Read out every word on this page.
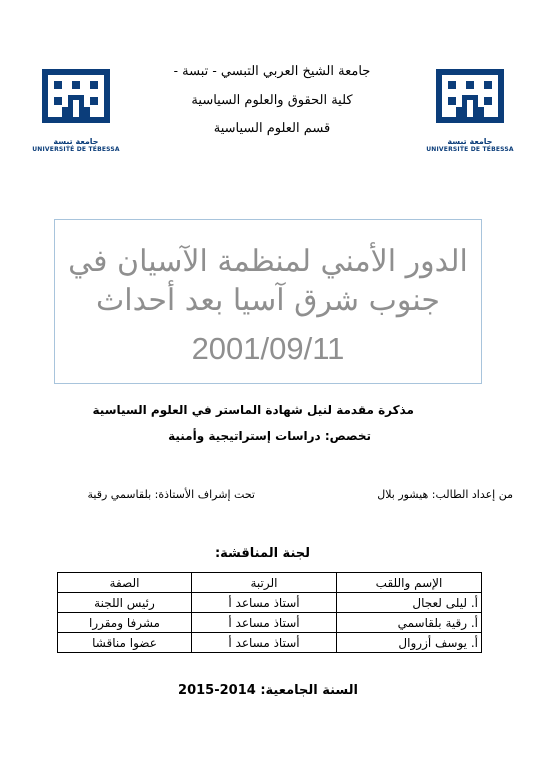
جامعة تبسة
UNIVERSITE DE TEBESSA
جامعة تبسة
UNIVERSITÉ DE TEBESSA
جامعة الشيخ العربي التبسي - تبسة -
كلية الحقوق والعلوم السياسية
قسم العلوم السياسية
الدور الأمني لمنظمة الآسيان في
جنوب شرق آسيا بعد أحداث
2001/09/11
مذكرة مقدمة لنيل شهادة الماستر في العلوم السياسية
تخصص: دراسات إستراتيجية وأمنية
من إعداد الطالب: هيشور بلال
تحت إشراف الأستاذة: بلقاسمي رقية
لجنة المناقشة:
الإسم واللقب	الرتبة	الصفة
أ. ليلى لعجال	أستاذ مساعد أ	رئيس اللجنة
أ. رقية بلقاسمي	أستاذ مساعد أ	مشرفا ومقررا
أ. يوسف أزروال	أستاذ مساعد أ	عضوا مناقشا
السنة الجامعية: 2014-2015
